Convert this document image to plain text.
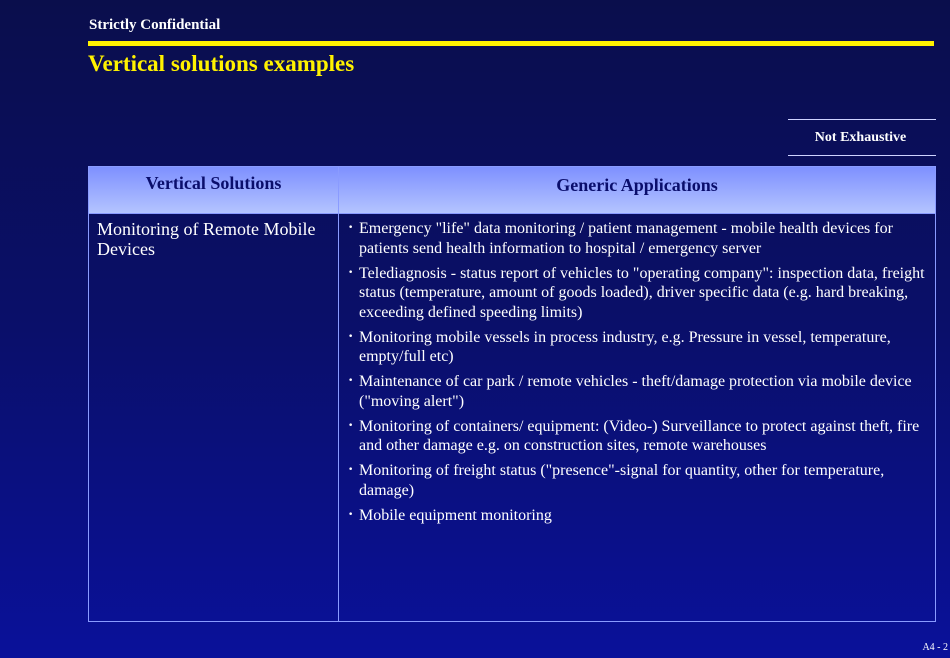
Strictly Confidential
Vertical solutions examples
Not Exhaustive
Vertical Solutions	Generic Applications
Monitoring of Remote Mobile Devices
· Emergency "life" data monitoring / patient management - mobile health devices for patients send health information to hospital / emergency server
· Telediagnosis - status report of vehicles to "operating company": inspection data, freight status (temperature, amount of goods loaded), driver specific data (e.g. hard breaking, exceeding defined speeding limits)
· Monitoring mobile vessels in process industry, e.g. Pressure in vessel, temperature, empty/full etc)
· Maintenance of car park / remote vehicles - theft/damage protection via mobile device ("moving alert")
· Monitoring of containers/ equipment: (Video-) Surveillance to protect against theft, fire and other damage e.g. on construction sites, remote warehouses
· Monitoring of freight status ("presence"-signal for quantity, other for temperature, damage)
· Mobile equipment monitoring
A4 - 2
